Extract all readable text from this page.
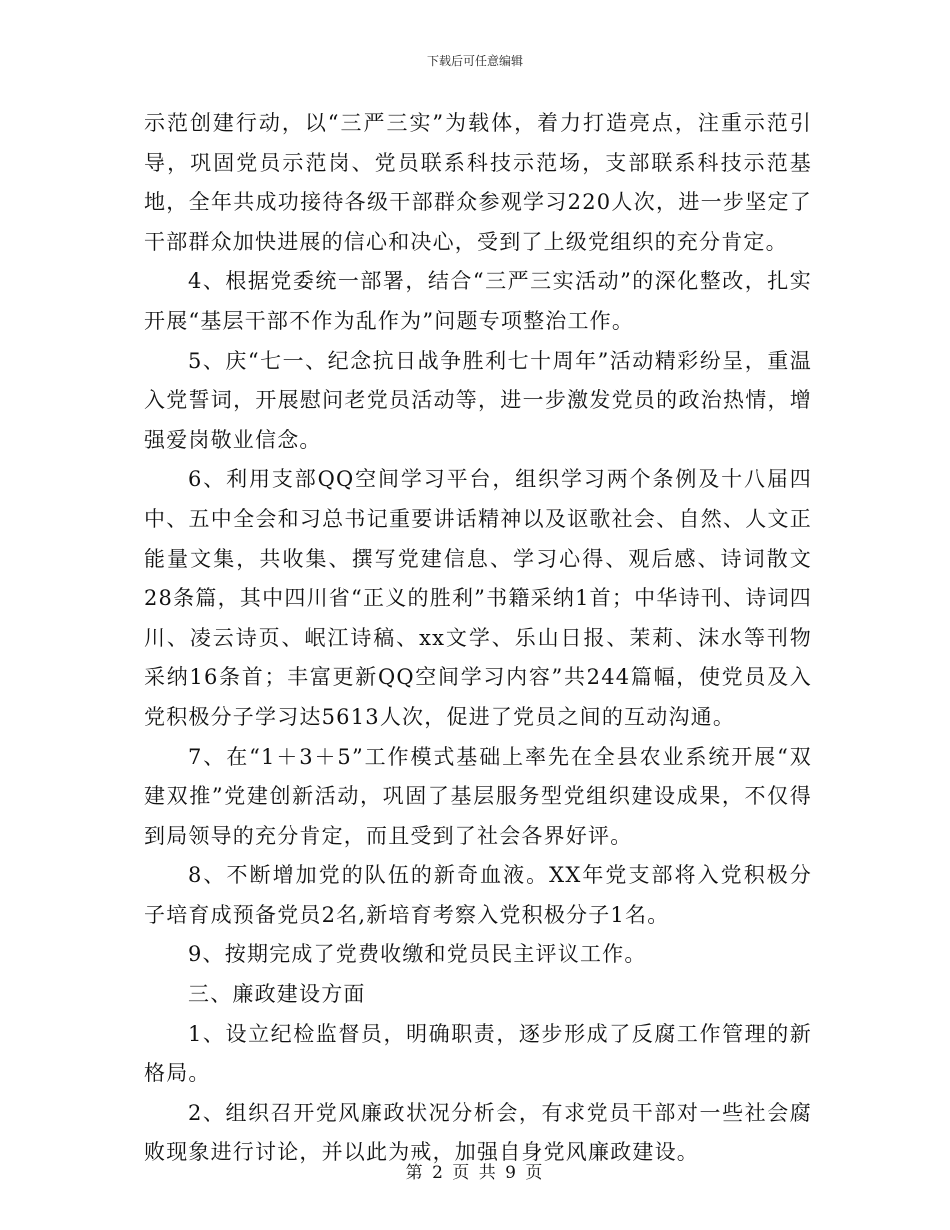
下载后可任意编辑

示范创建行动，以“三严三实”为载体，着力打造亮点，注重示范引导，巩固党员示范岗、党员联系科技示范场，支部联系科技示范基地，全年共成功接待各级干部群众参观学习220人次，进一步坚定了干部群众加快进展的信心和决心，受到了上级党组织的充分肯定。

4、根据党委统一部署，结合“三严三实活动”的深化整改，扎实开展“基层干部不作为乱作为”问题专项整治工作。

5、庆“七一、纪念抗日战争胜利七十周年”活动精彩纷呈，重温入党誓词，开展慰问老党员活动等，进一步激发党员的政治热情，增强爱岗敬业信念。

6、利用支部QQ空间学习平台，组织学习两个条例及十八届四中、五中全会和习总书记重要讲话精神以及讴歌社会、自然、人文正能量文集，共收集、撰写党建信息、学习心得、观后感、诗词散文28条篇，其中四川省“正义的胜利”书籍采纳1首；中华诗刊、诗词四川、凌云诗页、岷江诗稿、xx文学、乐山日报、茉莉、沫水等刊物采纳16条首；丰富更新QQ空间学习内容”共244篇幅，使党员及入党积极分子学习达5613人次，促进了党员之间的互动沟通。

7、在“1＋3＋5”工作模式基础上率先在全县农业系统开展“双建双推”党建创新活动，巩固了基层服务型党组织建设成果，不仅得到局领导的充分肯定，而且受到了社会各界好评。

8、不断增加党的队伍的新奇血液。XX年党支部将入党积极分子培育成预备党员2名,新培育考察入党积极分子1名。

9、按期完成了党费收缴和党员民主评议工作。

三、廉政建设方面

1、设立纪检监督员，明确职责，逐步形成了反腐工作管理的新格局。

2、组织召开党风廉政状况分析会，有求党员干部对一些社会腐败现象进行讨论，并以此为戒，加强自身党风廉政建设。

第 2 页 共 9 页
